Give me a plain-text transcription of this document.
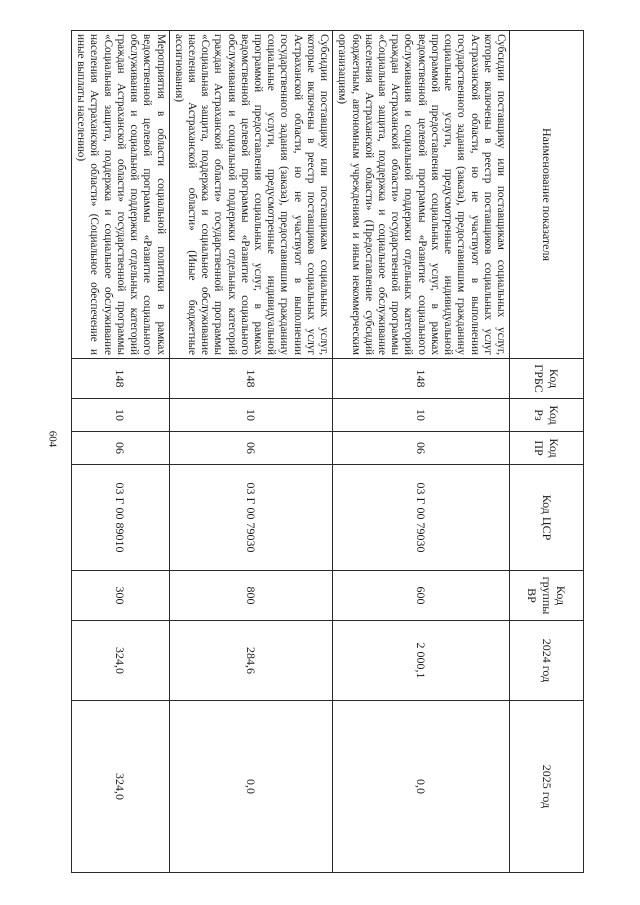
604
Наименование показателя	Код ГРБС	Код Рз	Код ПР	Код ЦСР	Код группы ВР	2024 год	2025 год
Субсидии поставщику или поставщикам социальных услуг, которые включены в реестр поставщиков социальных услуг Астраханской области, но не участвуют в выполнении государственного задания (заказа), предоставившим гражданину социальные услуги, предусмотренные индивидуальной программой предоставления социальных услуг, в рамках ведомственной целевой программы «Развитие социального обслуживания и социальной поддержки отдельных категорий граждан Астраханской области» государственной программы «Социальная защита, поддержка и социальное обслуживание населения Астраханской области» (Предоставление субсидий бюджетным, автономным учреждениям и иным некоммерческим организациям)	148	10	06	03 Г 00 79030	600	2 000,1	0,0
Субсидии поставщику или поставщикам социальных услуг, которые включены в реестр поставщиков социальных услуг Астраханской области, но не участвуют в выполнении государственного задания (заказа), предоставившим гражданину социальные услуги, предусмотренные индивидуальной программой предоставления социальных услуг, в рамках ведомственной целевой программы «Развитие социального обслуживания и социальной поддержки отдельных категорий граждан Астраханской области» государственной программы «Социальная защита, поддержка и социальное обслуживание населения Астраханской области» (Иные бюджетные ассигнования)	148	10	06	03 Г 00 79030	800	284,6	0,0
Мероприятия в области социальной политики в рамках ведомственной целевой программы «Развитие социального обслуживания и социальной поддержки отдельных категорий граждан Астраханской области» государственной программы «Социальная защита, поддержка и социальное обслуживание населения Астраханской области» (Социальное обеспечение и иные выплаты населению)	148	10	06	03 Г 00 89010	300	324,0	324,0
